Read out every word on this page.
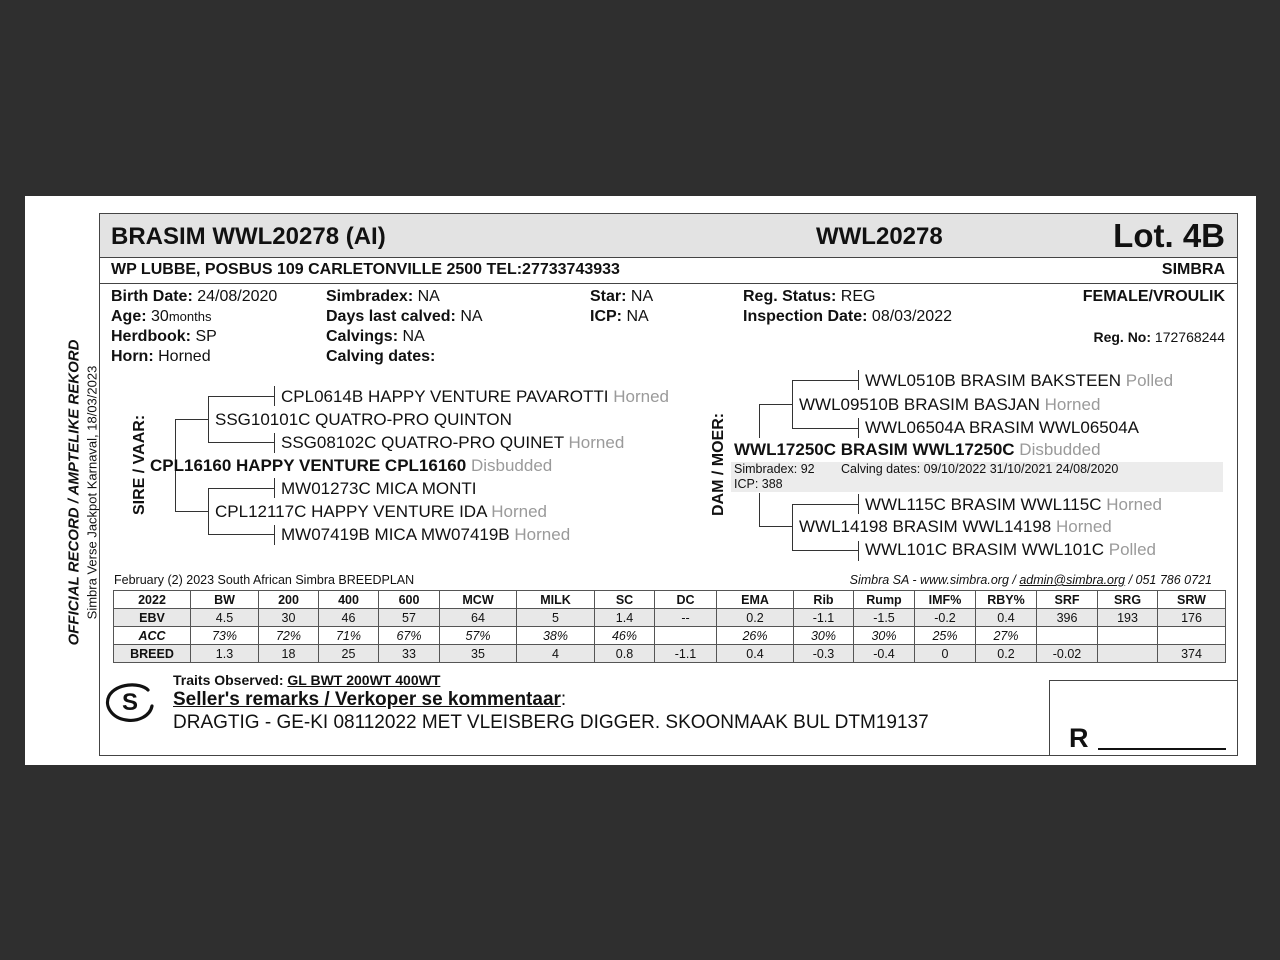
OFFICIAL RECORD / AMPTELIKE REKORD Simbra Verse Jackpot Karnaval, 18/03/2023
BRASIM WWL20278 (AI)	WWL20278	Lot. 4B
WP LUBBE, POSBUS 109 CARLETONVILLE 2500 TEL:27733743933	SIMBRA
Birth Date: 24/08/2020
Age: 30months
Herdbook: SP
Horn: Horned
Simbradex: NA
Days last calved: NA
Calvings: NA
Calving dates:
Star: NA
ICP: NA
Reg. Status: REG
Inspection Date: 08/03/2022
FEMALE/VROULIK
Reg. No: 172768244
SIRE / VAAR:
CPL0614B HAPPY VENTURE PAVAROTTI Horned
SSG10101C QUATRO-PRO QUINTON
SSG08102C QUATRO-PRO QUINET Horned
CPL16160 HAPPY VENTURE CPL16160 Disbudded
MW01273C MICA MONTI
CPL12117C HAPPY VENTURE IDA Horned
MW07419B MICA MW07419B Horned
DAM / MOER:
WWL0510B BRASIM BAKSTEEN Polled
WWL09510B BRASIM BASJAN Horned
WWL06504A BRASIM WWL06504A
WWL17250C BRASIM WWL17250C Disbudded
Simbradex: 92 Calving dates: 09/10/2022 31/10/2021 24/08/2020
ICP: 388
WWL115C BRASIM WWL115C Horned
WWL14198 BRASIM WWL14198 Horned
WWL101C BRASIM WWL101C Polled
February (2) 2023 South African Simbra BREEDPLAN	Simbra SA - www.simbra.org / admin@simbra.org / 051 786 0721
2022	BW	200	400	600	MCW	MILK	SC	DC	EMA	Rib	Rump	IMF%	RBY%	SRF	SRG	SRW
EBV	4.5	30	46	57	64	5	1.4	--	0.2	-1.1	-1.5	-0.2	0.4	396	193	176
ACC	73%	72%	71%	67%	57%	38%	46%		26%	30%	30%	25%	27%			
BREED	1.3	18	25	33	35	4	0.8	-1.1	0.4	-0.3	-0.4	0	0.2	-0.02		374
S
Traits Observed: GL BWT 200WT 400WT
Seller's remarks / Verkoper se kommentaar:
DRAGTIG - GE-KI 08112022 MET VLEISBERG DIGGER. SKOONMAAK BUL DTM19137
R
